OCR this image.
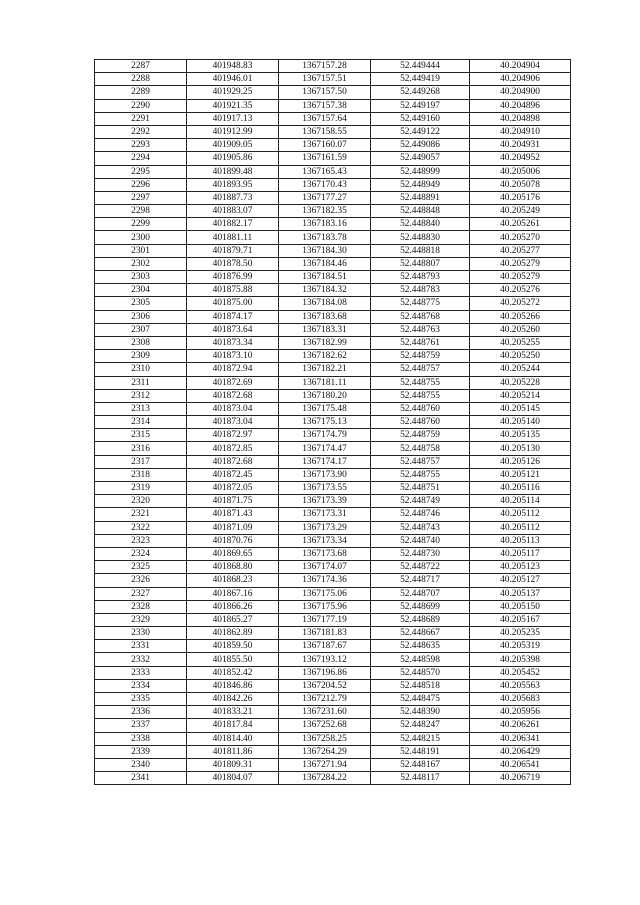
2287	401948.83	1367157.28	52.449444	40.204904
2288	401946.01	1367157.51	52.449419	40.204906
2289	401929.25	1367157.50	52.449268	40.204900
2290	401921.35	1367157.38	52.449197	40.204896
2291	401917.13	1367157.64	52.449160	40.204898
2292	401912.99	1367158.55	52.449122	40.204910
2293	401909.05	1367160.07	52.449086	40.204931
2294	401905.86	1367161.59	52.449057	40.204952
2295	401899.48	1367165.43	52.448999	40.205006
2296	401893.95	1367170.43	52.448949	40.205078
2297	401887.73	1367177.27	52.448891	40.205176
2298	401883.07	1367182.35	52.448848	40.205249
2299	401882.17	1367183.16	52.448840	40.205261
2300	401881.11	1367183.78	52.448830	40.205270
2301	401879.71	1367184.30	52.448818	40.205277
2302	401878.50	1367184.46	52.448807	40.205279
2303	401876.99	1367184.51	52.448793	40.205279
2304	401875.88	1367184.32	52.448783	40.205276
2305	401875.00	1367184.08	52.448775	40.205272
2306	401874.17	1367183.68	52.448768	40.205266
2307	401873.64	1367183.31	52.448763	40.205260
2308	401873.34	1367182.99	52.448761	40.205255
2309	401873.10	1367182.62	52.448759	40.205250
2310	401872.94	1367182.21	52.448757	40.205244
2311	401872.69	1367181.11	52.448755	40.205228
2312	401872.68	1367180.20	52.448755	40.205214
2313	401873.04	1367175.48	52.448760	40.205145
2314	401873.04	1367175.13	52.448760	40.205140
2315	401872.97	1367174.79	52.448759	40.205135
2316	401872.85	1367174.47	52.448758	40.205130
2317	401872.68	1367174.17	52.448757	40.205126
2318	401872.45	1367173.90	52.448755	40.205121
2319	401872.05	1367173.55	52.448751	40.205116
2320	401871.75	1367173.39	52.448749	40.205114
2321	401871.43	1367173.31	52.448746	40.205112
2322	401871.09	1367173.29	52.448743	40.205112
2323	401870.76	1367173.34	52.448740	40.205113
2324	401869.65	1367173.68	52.448730	40.205117
2325	401868.80	1367174.07	52.448722	40.205123
2326	401868.23	1367174.36	52.448717	40.205127
2327	401867.16	1367175.06	52.448707	40.205137
2328	401866.26	1367175.96	52.448699	40.205150
2329	401865.27	1367177.19	52.448689	40.205167
2330	401862.89	1367181.83	52.448667	40.205235
2331	401859.50	1367187.67	52.448635	40.205319
2332	401855.50	1367193.12	52.448598	40.205398
2333	401852.42	1367196.86	52.448570	40.205452
2334	401846.86	1367204.52	52.448518	40.205563
2335	401842.26	1367212.79	52.448475	40.205683
2336	401833.21	1367231.60	52.448390	40.205956
2337	401817.84	1367252.68	52.448247	40.206261
2338	401814.40	1367258.25	52.448215	40.206341
2339	401811.86	1367264.29	52.448191	40.206429
2340	401809.31	1367271.94	52.448167	40.206541
2341	401804.07	1367284.22	52.448117	40.206719
